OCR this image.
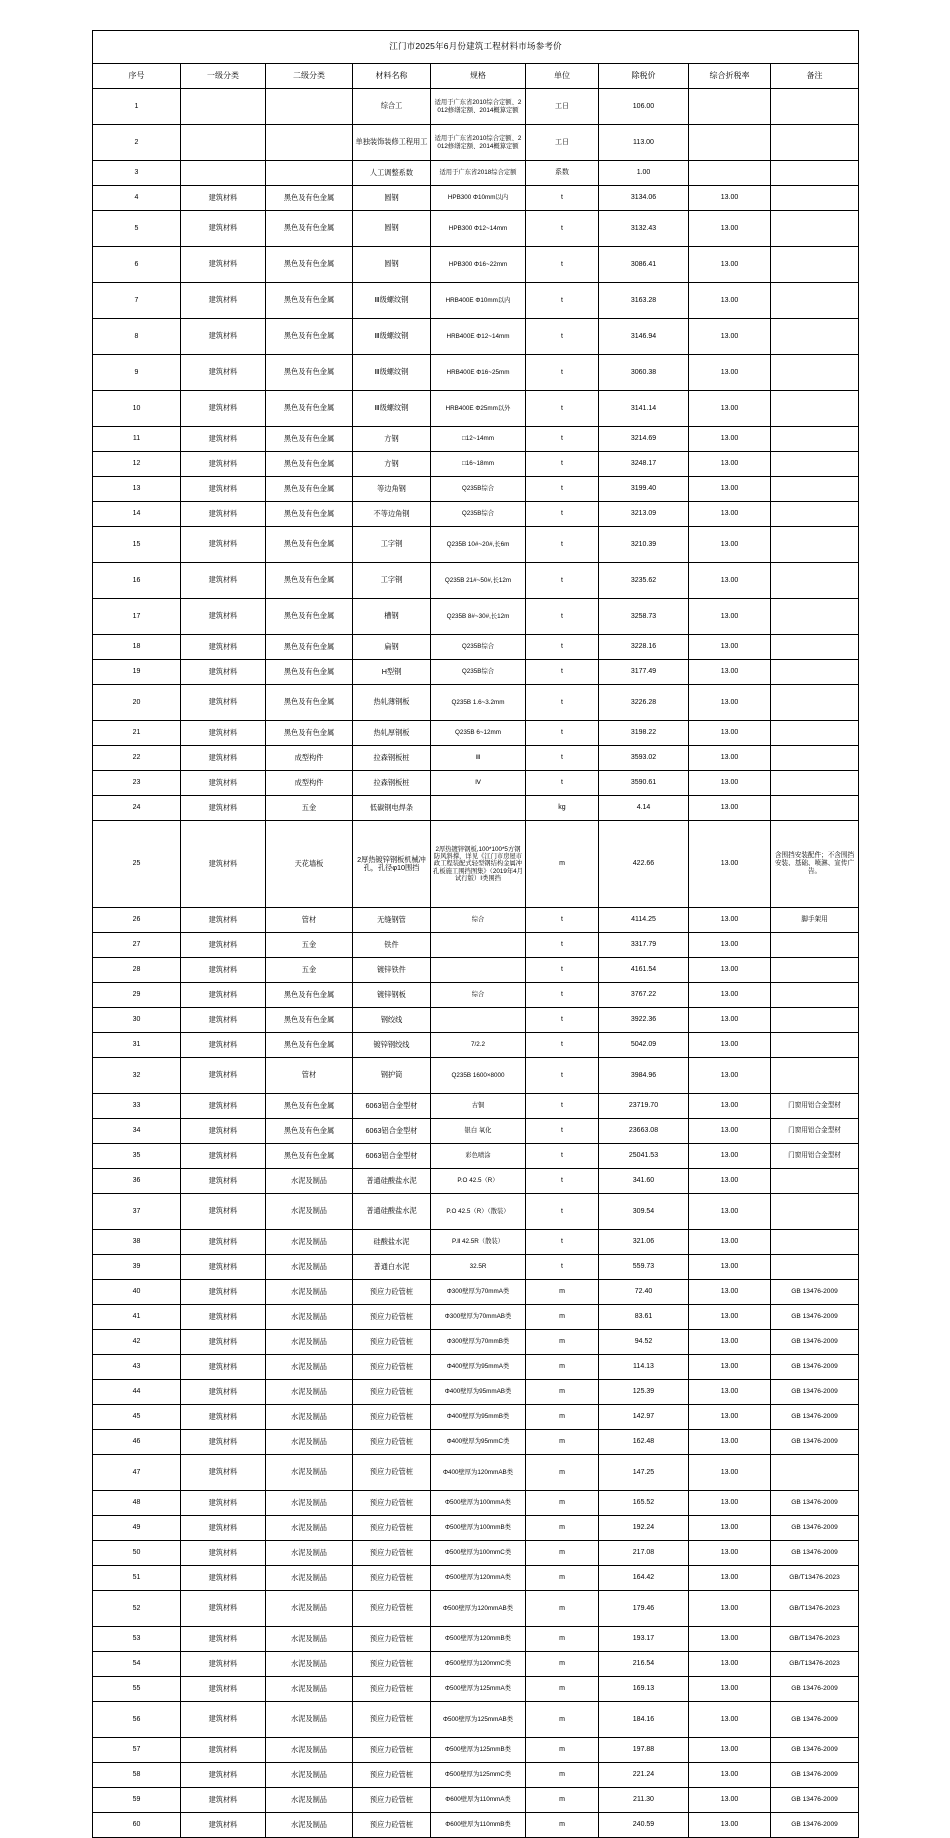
江门市2025年6月份建筑工程材料市场参考价								
序号	一级分类	二级分类	材料名称	规格	单位	除税价	综合折税率	备注
1			综合工	适用于广东省2010综合定额、2012修缮定额、2014概算定额	工日	106.00		
2			单独装饰装修工程用工	适用于广东省2010综合定额、2012修缮定额、2014概算定额	工日	113.00		
3			人工调整系数	适用于广东省2018综合定额	系数	1.00		
4	建筑材料	黑色及有色金属	圆钢	HPB300 Φ10mm以内	t	3134.06	13.00	
5	建筑材料	黑色及有色金属	圆钢	HPB300 Φ12~14mm	t	3132.43	13.00	
6	建筑材料	黑色及有色金属	圆钢	HPB300 Φ16~22mm	t	3086.41	13.00	
7	建筑材料	黑色及有色金属	Ⅲ级螺纹钢	HRB400E Φ10mm以内	t	3163.28	13.00	
8	建筑材料	黑色及有色金属	Ⅲ级螺纹钢	HRB400E Φ12~14mm	t	3146.94	13.00	
9	建筑材料	黑色及有色金属	Ⅲ级螺纹钢	HRB400E Φ16~25mm	t	3060.38	13.00	
10	建筑材料	黑色及有色金属	Ⅲ级螺纹钢	HRB400E Φ25mm以外	t	3141.14	13.00	
11	建筑材料	黑色及有色金属	方钢	□12~14mm	t	3214.69	13.00	
12	建筑材料	黑色及有色金属	方钢	□16~18mm	t	3248.17	13.00	
13	建筑材料	黑色及有色金属	等边角钢	Q235B综合	t	3199.40	13.00	
14	建筑材料	黑色及有色金属	不等边角钢	Q235B综合	t	3213.09	13.00	
15	建筑材料	黑色及有色金属	工字钢	Q235B 10#~20#,长6m	t	3210.39	13.00	
16	建筑材料	黑色及有色金属	工字钢	Q235B 21#~50#,长12m	t	3235.62	13.00	
17	建筑材料	黑色及有色金属	槽钢	Q235B 8#~30#,长12m	t	3258.73	13.00	
18	建筑材料	黑色及有色金属	扁钢	Q235B综合	t	3228.16	13.00	
19	建筑材料	黑色及有色金属	H型钢	Q235B综合	t	3177.49	13.00	
20	建筑材料	黑色及有色金属	热轧薄钢板	Q235B 1.6~3.2mm	t	3226.28	13.00	
21	建筑材料	黑色及有色金属	热轧厚钢板	Q235B 6~12mm	t	3198.22	13.00	
22	建筑材料	成型构件	拉森钢板桩	Ⅲ	t	3593.02	13.00	
23	建筑材料	成型构件	拉森钢板桩	Ⅳ	t	3590.61	13.00	
24	建筑材料	五金	低碳钢电焊条		kg	4.14	13.00	
25	建筑材料	天花墙板	2厚热镀锌钢板机械冲孔，孔径φ10围挡	2厚热镀锌钢板,100*100*5方钢防风斜撑，详见《江门市房屋市政工程装配式轻型钢结构金属冲孔板施工围挡图集》（2019年4月试行版）Ⅰ类围挡	m	422.66	13.00	含围挡安装配件；不含围挡安装、基础、喷淋、宣传广告。
26	建筑材料	管材	无缝钢管	综合	t	4114.25	13.00	脚手架用
27	建筑材料	五金	铁件		t	3317.79	13.00	
28	建筑材料	五金	镀锌铁件		t	4161.54	13.00	
29	建筑材料	黑色及有色金属	镀锌钢板	综合	t	3767.22	13.00	
30	建筑材料	黑色及有色金属	钢绞线		t	3922.36	13.00	
31	建筑材料	黑色及有色金属	镀锌钢绞线	7/2.2	t	5042.09	13.00	
32	建筑材料	管材	钢护筒	Q235B 1600×8000	t	3984.96	13.00	
33	建筑材料	黑色及有色金属	6063铝合金型材	古铜	t	23719.70	13.00	门窗用铝合金型材
34	建筑材料	黑色及有色金属	6063铝合金型材	银白 氧化	t	23663.08	13.00	门窗用铝合金型材
35	建筑材料	黑色及有色金属	6063铝合金型材	彩色喷涂	t	25041.53	13.00	门窗用铝合金型材
36	建筑材料	水泥及制品	普通硅酸盐水泥	P.O 42.5（R）	t	341.60	13.00	
37	建筑材料	水泥及制品	普通硅酸盐水泥	P.O 42.5（R）（散装）	t	309.54	13.00	
38	建筑材料	水泥及制品	硅酸盐水泥	P.Ⅱ 42.5R（散装）	t	321.06	13.00	
39	建筑材料	水泥及制品	普通白水泥	32.5R	t	559.73	13.00	
40	建筑材料	水泥及制品	预应力砼管桩	Φ300壁厚为70mmA类	m	72.40	13.00	GB 13476-2009
41	建筑材料	水泥及制品	预应力砼管桩	Φ300壁厚为70mmAB类	m	83.61	13.00	GB 13476-2009
42	建筑材料	水泥及制品	预应力砼管桩	Φ300壁厚为70mmB类	m	94.52	13.00	GB 13476-2009
43	建筑材料	水泥及制品	预应力砼管桩	Φ400壁厚为95mmA类	m	114.13	13.00	GB 13476-2009
44	建筑材料	水泥及制品	预应力砼管桩	Φ400壁厚为95mmAB类	m	125.39	13.00	GB 13476-2009
45	建筑材料	水泥及制品	预应力砼管桩	Φ400壁厚为95mmB类	m	142.97	13.00	GB 13476-2009
46	建筑材料	水泥及制品	预应力砼管桩	Φ400壁厚为95mmC类	m	162.48	13.00	GB 13476-2009
47	建筑材料	水泥及制品	预应力砼管桩	Φ400壁厚为120mmAB类	m	147.25	13.00	
48	建筑材料	水泥及制品	预应力砼管桩	Φ500壁厚为100mmA类	m	165.52	13.00	GB 13476-2009
49	建筑材料	水泥及制品	预应力砼管桩	Φ500壁厚为100mmB类	m	192.24	13.00	GB 13476-2009
50	建筑材料	水泥及制品	预应力砼管桩	Φ500壁厚为100mmC类	m	217.08	13.00	GB 13476-2009
51	建筑材料	水泥及制品	预应力砼管桩	Φ500壁厚为120mmA类	m	164.42	13.00	GB/T13476-2023
52	建筑材料	水泥及制品	预应力砼管桩	Φ500壁厚为120mmAB类	m	179.46	13.00	GB/T13476-2023
53	建筑材料	水泥及制品	预应力砼管桩	Φ500壁厚为120mmB类	m	193.17	13.00	GB/T13476-2023
54	建筑材料	水泥及制品	预应力砼管桩	Φ500壁厚为120mmC类	m	216.54	13.00	GB/T13476-2023
55	建筑材料	水泥及制品	预应力砼管桩	Φ500壁厚为125mmA类	m	169.13	13.00	GB 13476-2009
56	建筑材料	水泥及制品	预应力砼管桩	Φ500壁厚为125mmAB类	m	184.16	13.00	GB 13476-2009
57	建筑材料	水泥及制品	预应力砼管桩	Φ500壁厚为125mmB类	m	197.88	13.00	GB 13476-2009
58	建筑材料	水泥及制品	预应力砼管桩	Φ500壁厚为125mmC类	m	221.24	13.00	GB 13476-2009
59	建筑材料	水泥及制品	预应力砼管桩	Φ600壁厚为110mmA类	m	211.30	13.00	GB 13476-2009
60	建筑材料	水泥及制品	预应力砼管桩	Φ600壁厚为110mmB类	m	240.59	13.00	GB 13476-2009
